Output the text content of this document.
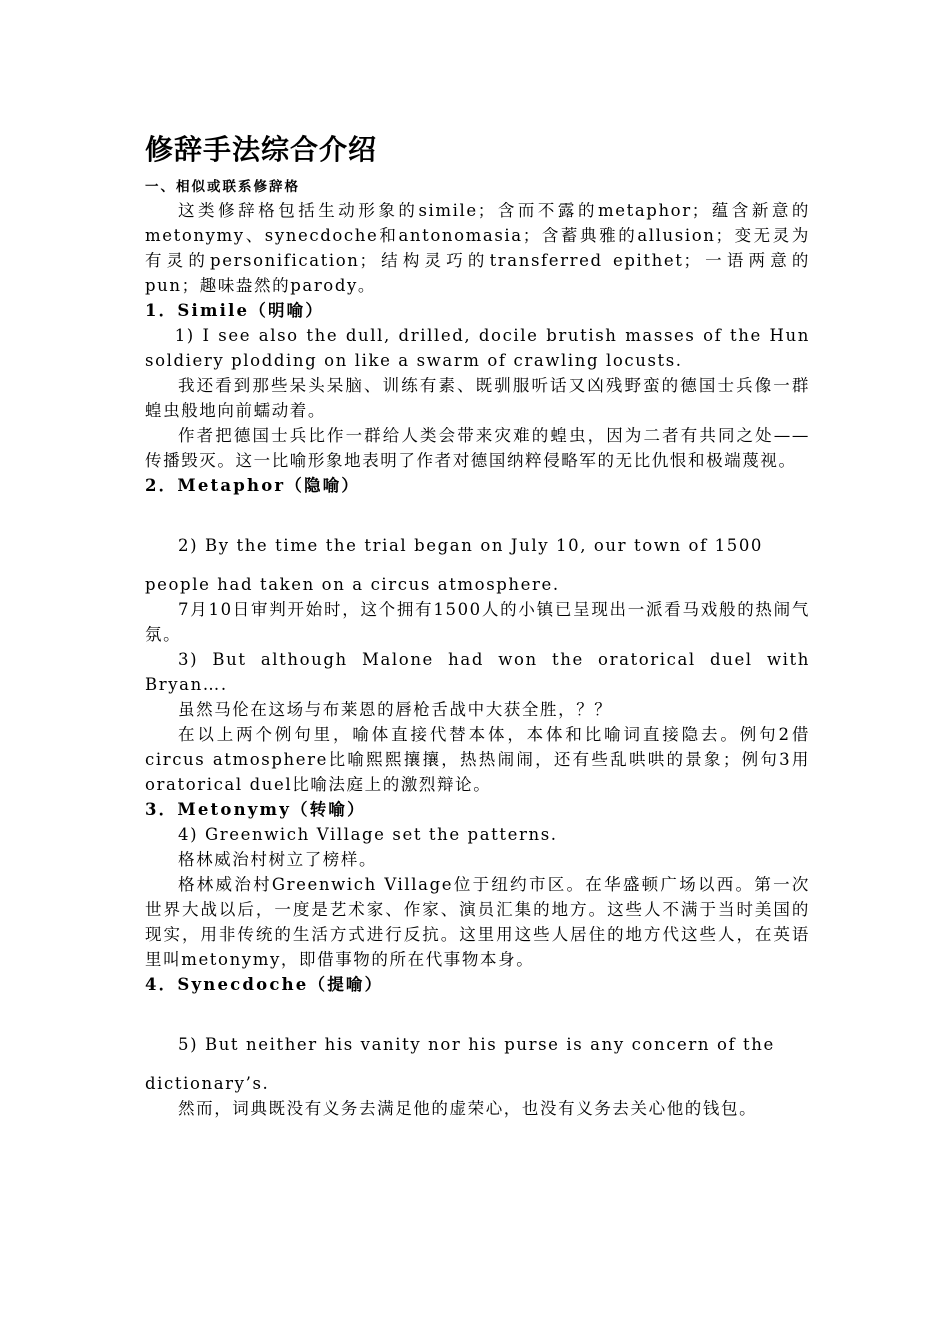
修辞手法综合介绍

一、相似或联系修辞格

这类修辞格包括生动形象的simile；含而不露的metaphor；蕴含新意的metonymy、synecdoche和antonomasia；含蓄典雅的allusion；变无灵为有灵的personification；结构灵巧的transferred epithet；一语两意的pun；趣味盎然的parody。

1．Simile（明喻）

1) I see also the dull, drilled, docile brutish masses of the Hun soldiery plodding on like a swarm of crawling locusts.

我还看到那些呆头呆脑、训练有素、既驯服听话又凶残野蛮的德国士兵像一群蝗虫般地向前蠕动着。

作者把德国士兵比作一群给人类会带来灾难的蝗虫，因为二者有共同之处——传播毁灭。这一比喻形象地表明了作者对德国纳粹侵略军的无比仇恨和极端蔑视。

2．Metaphor（隐喻）

2) By the time the trial began on July 10, our town of 1500

people had taken on a circus atmosphere.

7月10日审判开始时，这个拥有1500人的小镇已呈现出一派看马戏般的热闹气氛。

3) But although Malone had won the oratorical duel with Bryan….

虽然马伦在这场与布莱恩的唇枪舌战中大获全胜，？？

在以上两个例句里，喻体直接代替本体，本体和比喻词直接隐去。例句2借circus atmosphere比喻熙熙攘攘，热热闹闹，还有些乱哄哄的景象；例句3用oratorical duel比喻法庭上的激烈辩论。

3．Metonymy（转喻）

4) Greenwich Village set the patterns.

格林威治村树立了榜样。

格林威治村Greenwich Village位于纽约市区。在华盛顿广场以西。第一次世界大战以后，一度是艺术家、作家、演员汇集的地方。这些人不满于当时美国的现实，用非传统的生活方式进行反抗。这里用这些人居住的地方代这些人，在英语里叫metonymy，即借事物的所在代事物本身。

4．Synecdoche（提喻）

5) But neither his vanity nor his purse is any concern of the

dictionary’s.

然而，词典既没有义务去满足他的虚荣心，也没有义务去关心他的钱包。
